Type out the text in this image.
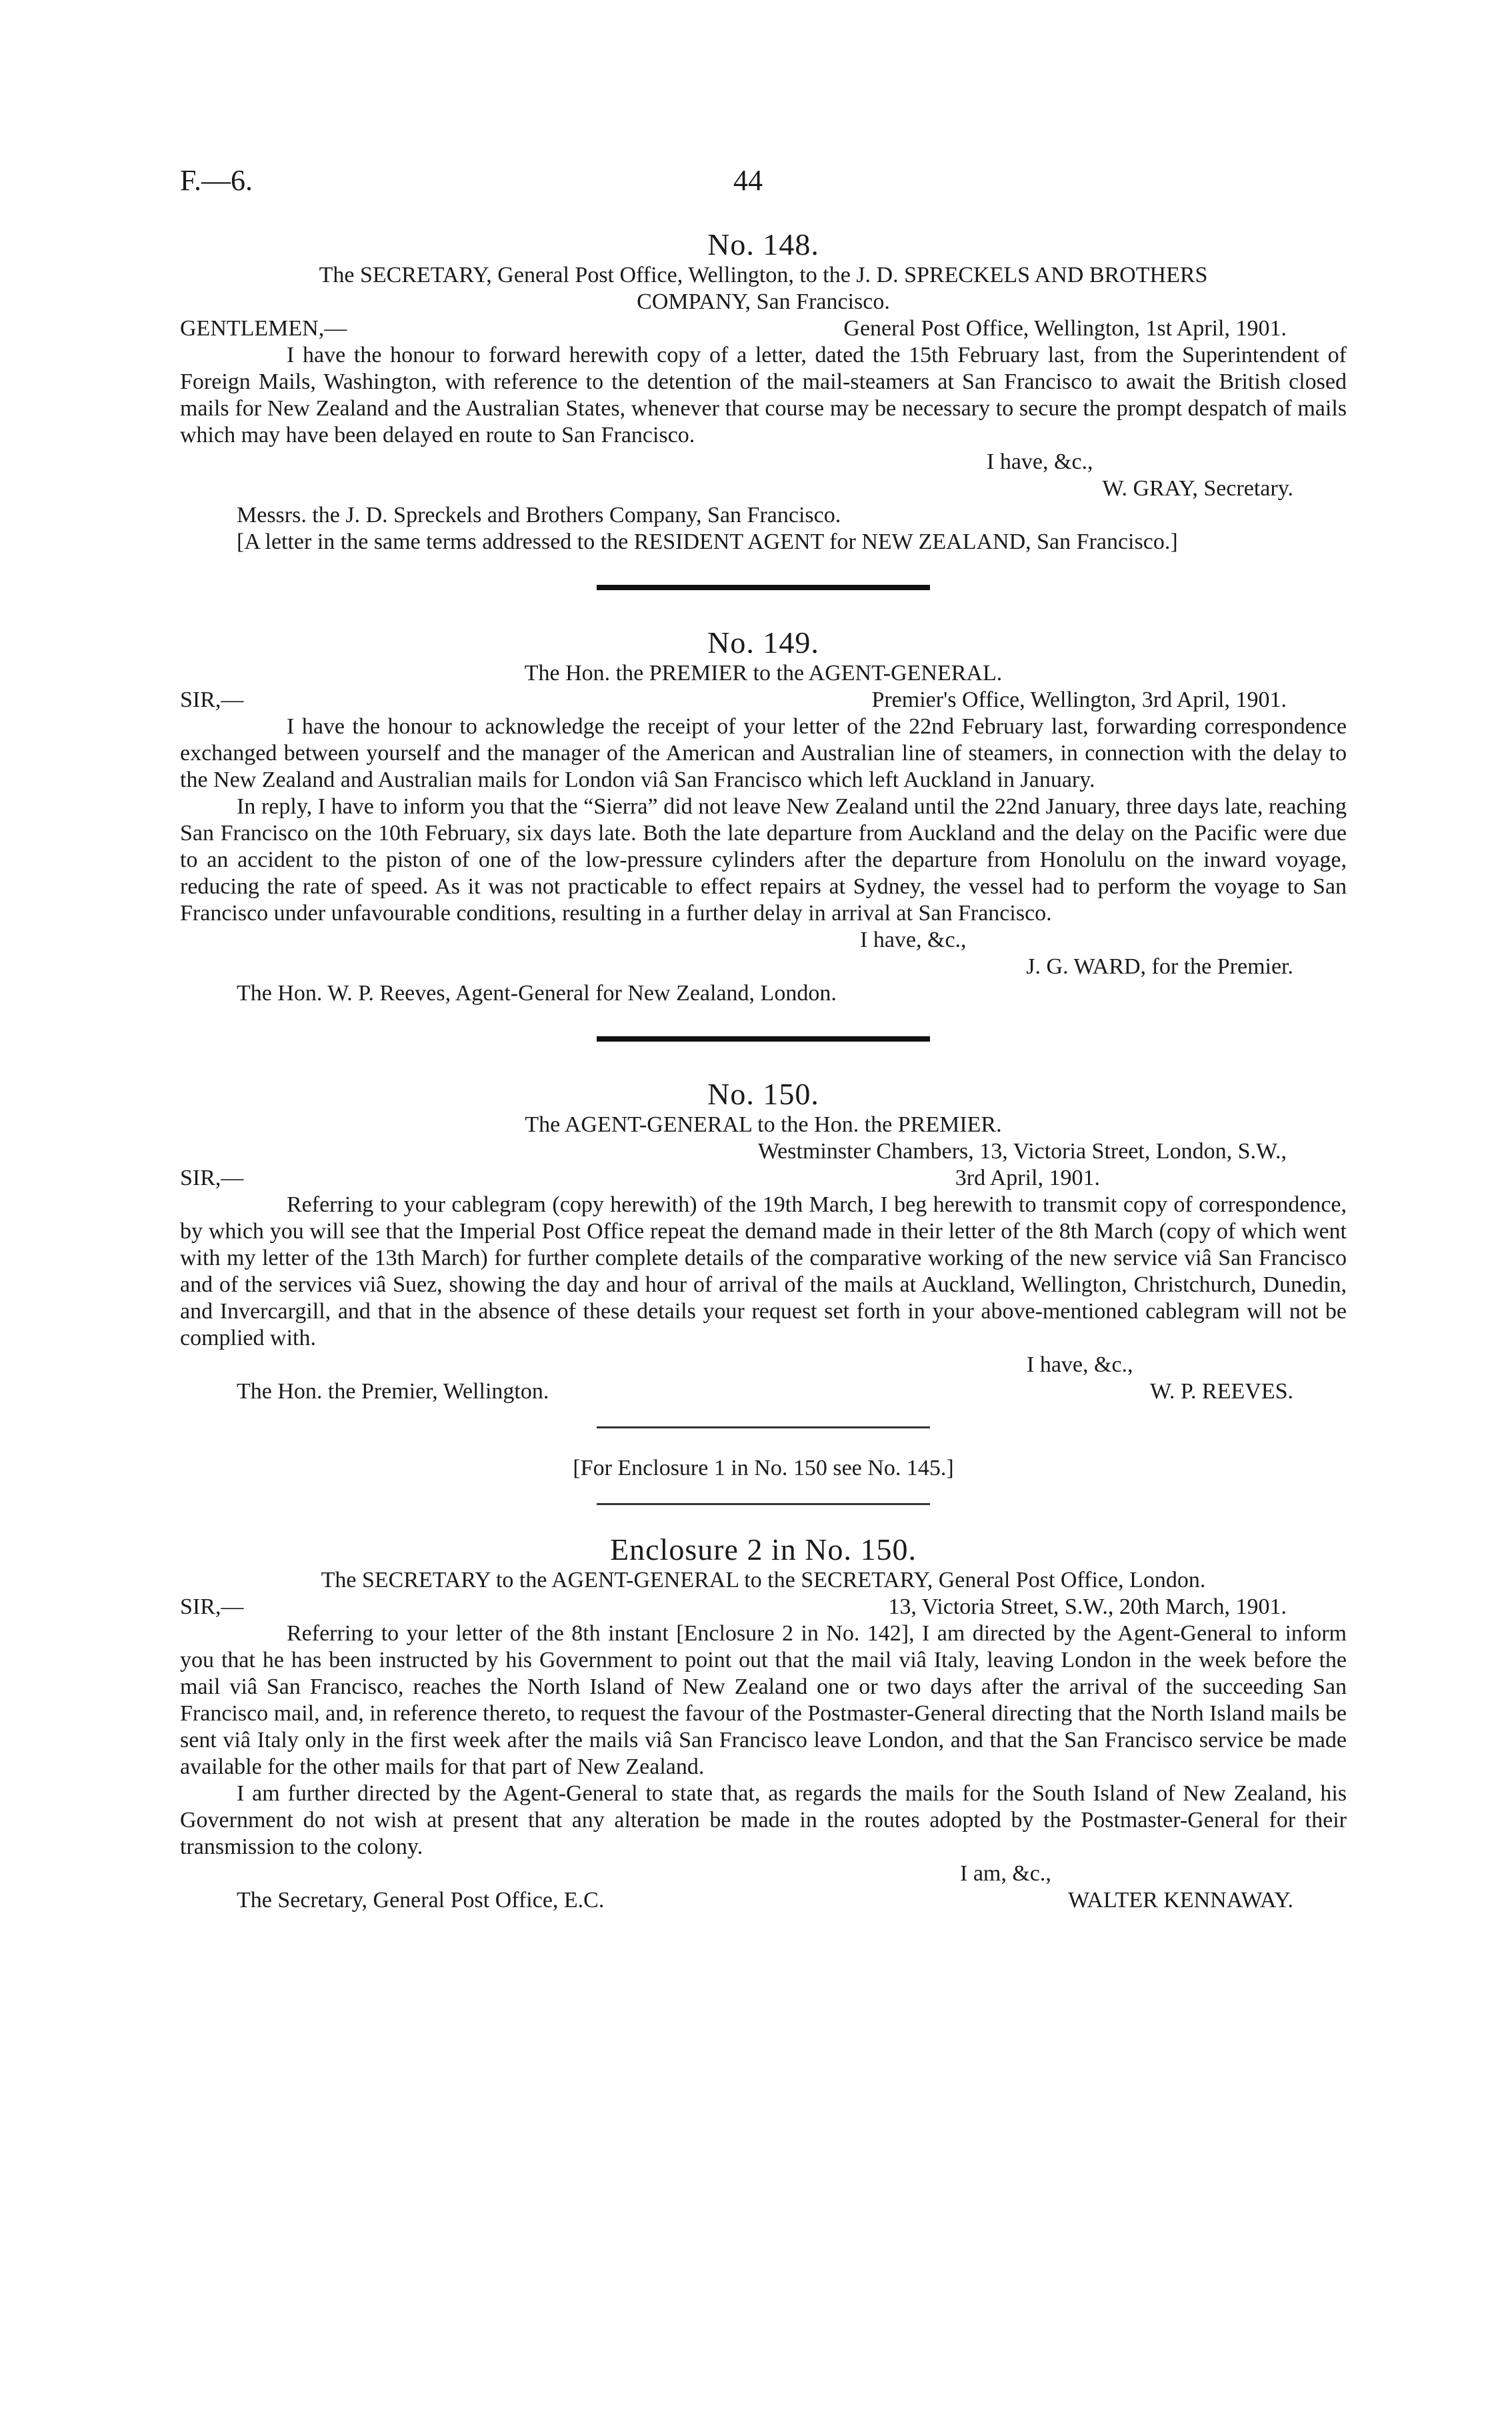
F.—6.	44

No. 148.

The SECRETARY, General Post Office, Wellington, to the J. D. SPRECKELS AND BROTHERS

COMPANY, San Francisco.

GENTLEMEN,—	General Post Office, Wellington, 1st April, 1901.

I have the honour to forward herewith copy of a letter, dated the 15th February last, from the Superintendent of Foreign Mails, Washington, with reference to the detention of the mail-steamers at San Francisco to await the British closed mails for New Zealand and the Australian States, whenever that course may be necessary to secure the prompt despatch of mails which may have been delayed en route to San Francisco.

I have, &c.,
W. GRAY, Secretary.
Messrs. the J. D. Spreckels and Brothers Company, San Francisco.

[A letter in the same terms addressed to the RESIDENT AGENT for NEW ZEALAND, San Francisco.]

No. 149.

The Hon. the PREMIER to the AGENT-GENERAL.

SIR,—	Premier's Office, Wellington, 3rd April, 1901.

I have the honour to acknowledge the receipt of your letter of the 22nd February last, forwarding correspondence exchanged between yourself and the manager of the American and Australian line of steamers, in connection with the delay to the New Zealand and Australian mails for London viâ San Francisco which left Auckland in January.

In reply, I have to inform you that the “Sierra” did not leave New Zealand until the 22nd January, three days late, reaching San Francisco on the 10th February, six days late. Both the late departure from Auckland and the delay on the Pacific were due to an accident to the piston of one of the low-pressure cylinders after the departure from Honolulu on the inward voyage, reducing the rate of speed. As it was not practicable to effect repairs at Sydney, the vessel had to perform the voyage to San Francisco under unfavourable conditions, resulting in a further delay in arrival at San Francisco.

I have, &c.,
J. G. WARD, for the Premier.
The Hon. W. P. Reeves, Agent-General for New Zealand, London.

No. 150.

The AGENT-GENERAL to the Hon. the PREMIER.

Westminster Chambers, 13, Victoria Street, London, S.W.,
SIR,—	3rd April, 1901.

Referring to your cablegram (copy herewith) of the 19th March, I beg herewith to transmit copy of correspondence, by which you will see that the Imperial Post Office repeat the demand made in their letter of the 8th March (copy of which went with my letter of the 13th March) for further complete details of the comparative working of the new service viâ San Francisco and of the services viâ Suez, showing the day and hour of arrival of the mails at Auckland, Wellington, Christchurch, Dunedin, and Invercargill, and that in the absence of these details your request set forth in your above-mentioned cablegram will not be complied with.

I have, &c.,
The Hon. the Premier, Wellington.	W. P. REEVES.

[For Enclosure 1 in No. 150 see No. 145.]

Enclosure 2 in No. 150.

The SECRETARY to the AGENT-GENERAL to the SECRETARY, General Post Office, London.

SIR,—	13, Victoria Street, S.W., 20th March, 1901.

Referring to your letter of the 8th instant [Enclosure 2 in No. 142], I am directed by the Agent-General to inform you that he has been instructed by his Government to point out that the mail viâ Italy, leaving London in the week before the mail viâ San Francisco, reaches the North Island of New Zealand one or two days after the arrival of the succeeding San Francisco mail, and, in reference thereto, to request the favour of the Postmaster-General directing that the North Island mails be sent viâ Italy only in the first week after the mails viâ San Francisco leave London, and that the San Francisco service be made available for the other mails for that part of New Zealand.

I am further directed by the Agent-General to state that, as regards the mails for the South Island of New Zealand, his Government do not wish at present that any alteration be made in the routes adopted by the Postmaster-General for their transmission to the colony.

I am, &c.,
The Secretary, General Post Office, E.C.	WALTER KENNAWAY.
